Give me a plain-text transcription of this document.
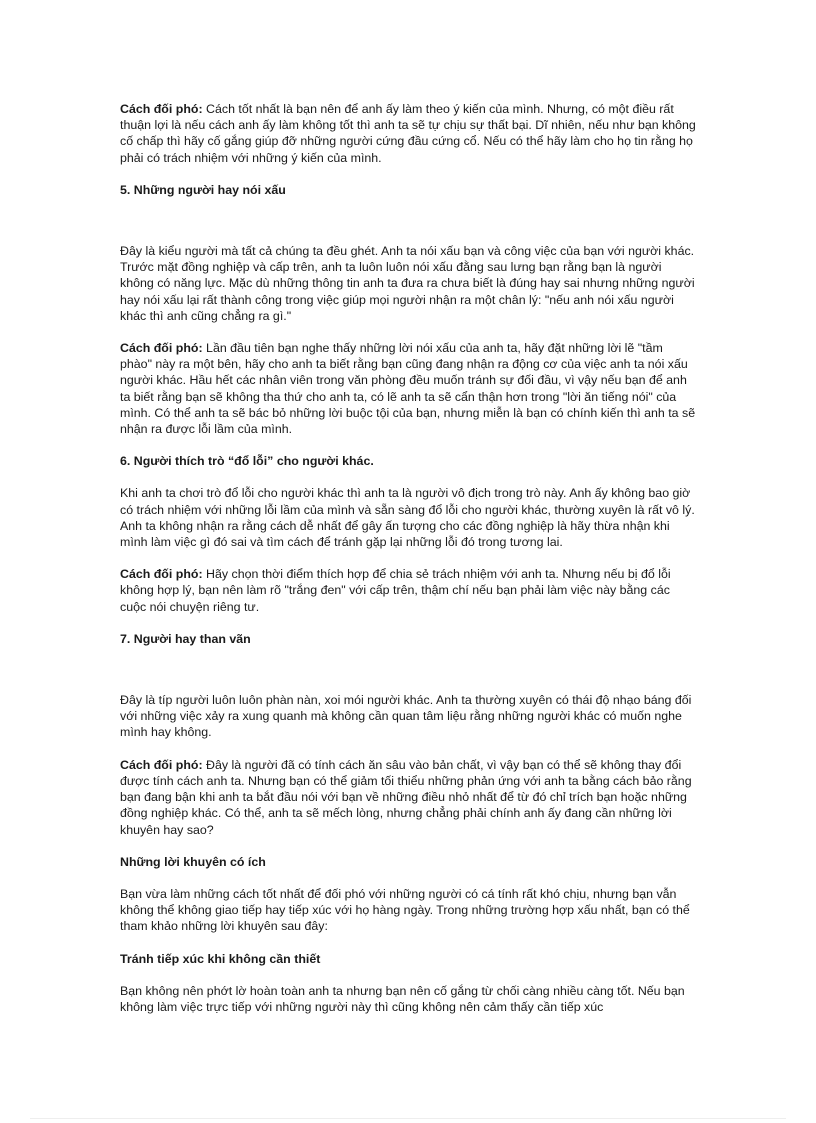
Cách đối phó: Cách tốt nhất là bạn nên để anh ấy làm theo ý kiến của mình. Nhưng, có một điều rất thuận lợi là nếu cách anh ấy làm không tốt thì anh ta sẽ tự chịu sự thất bại. Dĩ nhiên, nếu như bạn không cố chấp thì hãy cố gắng giúp đỡ những người cứng đầu cứng cổ. Nếu có thể hãy làm cho họ tin rằng họ phải có trách nhiệm với những ý kiến của mình.

5. Những người hay nói xấu

Đây là kiểu người mà tất cả chúng ta đều ghét. Anh ta nói xấu bạn và công việc của bạn với người khác. Trước mặt đồng nghiệp và cấp trên, anh ta luôn luôn nói xấu đằng sau lưng bạn rằng bạn là người không có năng lực. Mặc dù những thông tin anh ta đưa ra chưa biết là đúng hay sai nhưng những người hay nói xấu lại rất thành công trong việc giúp mọi người nhận ra một chân lý: "nếu anh nói xấu người khác thì anh cũng chẳng ra gì."

Cách đối phó: Lần đầu tiên bạn nghe thấy những lời nói xấu của anh ta, hãy đặt những lời lẽ "tầm phào" này ra một bên, hãy cho anh ta biết rằng bạn cũng đang nhận ra động cơ của việc anh ta nói xấu người khác. Hầu hết các nhân viên trong văn phòng đều muốn tránh sự đối đầu, vì vậy nếu bạn để anh ta biết rằng bạn sẽ không tha thứ cho anh ta, có lẽ anh ta sẽ cẩn thận hơn trong "lời ăn tiếng nói" của mình. Có thể anh ta sẽ bác bỏ những lời buộc tội của bạn, nhưng miễn là bạn có chính kiến thì anh ta sẽ nhận ra được lỗi lầm của mình.

6. Người thích trò “đổ lỗi” cho người khác.

Khi anh ta chơi trò đổ lỗi cho người khác thì anh ta là người vô địch trong trò này. Anh ấy không bao giờ có trách nhiệm với những lỗi lầm của mình và sẵn sàng đổ lỗi cho người khác, thường xuyên là rất vô lý. Anh ta không nhận ra rằng cách dễ nhất để gây ấn tượng cho các đồng nghiệp là hãy thừa nhận khi mình làm việc gì đó sai và tìm cách để tránh gặp lại những lỗi đó trong tương lai.

Cách đối phó: Hãy chọn thời điểm thích hợp để chia sẻ trách nhiệm với anh ta. Nhưng nếu bị đổ lỗi không hợp lý, bạn nên làm rõ "trắng đen" với cấp trên, thậm chí nếu bạn phải làm việc này bằng các cuộc nói chuyện riêng tư.

7. Người hay than vãn

Đây là típ người luôn luôn phàn nàn, xoi mói người khác. Anh ta thường xuyên có thái độ nhạo báng đối với những việc xảy ra xung quanh mà không cần quan tâm liệu rằng những người khác có muốn nghe mình hay không.

Cách đối phó: Đây là người đã có tính cách ăn sâu vào bản chất, vì vậy bạn có thể sẽ không thay đổi được tính cách anh ta. Nhưng bạn có thể giảm tối thiểu những phản ứng với anh ta bằng cách bảo rằng bạn đang bận khi anh ta bắt đầu nói với bạn về những điều nhỏ nhất để từ đó chỉ trích bạn hoặc những đồng nghiệp khác. Có thể, anh ta sẽ mếch lòng, nhưng chẳng phải chính anh ấy đang cần những lời khuyên hay sao?

Những lời khuyên có ích

Bạn vừa làm những cách tốt nhất để đối phó với những người có cá tính rất khó chịu, nhưng bạn vẫn không thể không giao tiếp hay tiếp xúc với họ hàng ngày. Trong những trường hợp xấu nhất, bạn có thể tham khảo những lời khuyên sau đây:

Tránh tiếp xúc khi không cần thiết

Bạn không nên phớt lờ hoàn toàn anh ta nhưng bạn nên cố gắng từ chối càng nhiều càng tốt. Nếu bạn không làm việc trực tiếp với những người này thì cũng không nên cảm thấy cần tiếp xúc
